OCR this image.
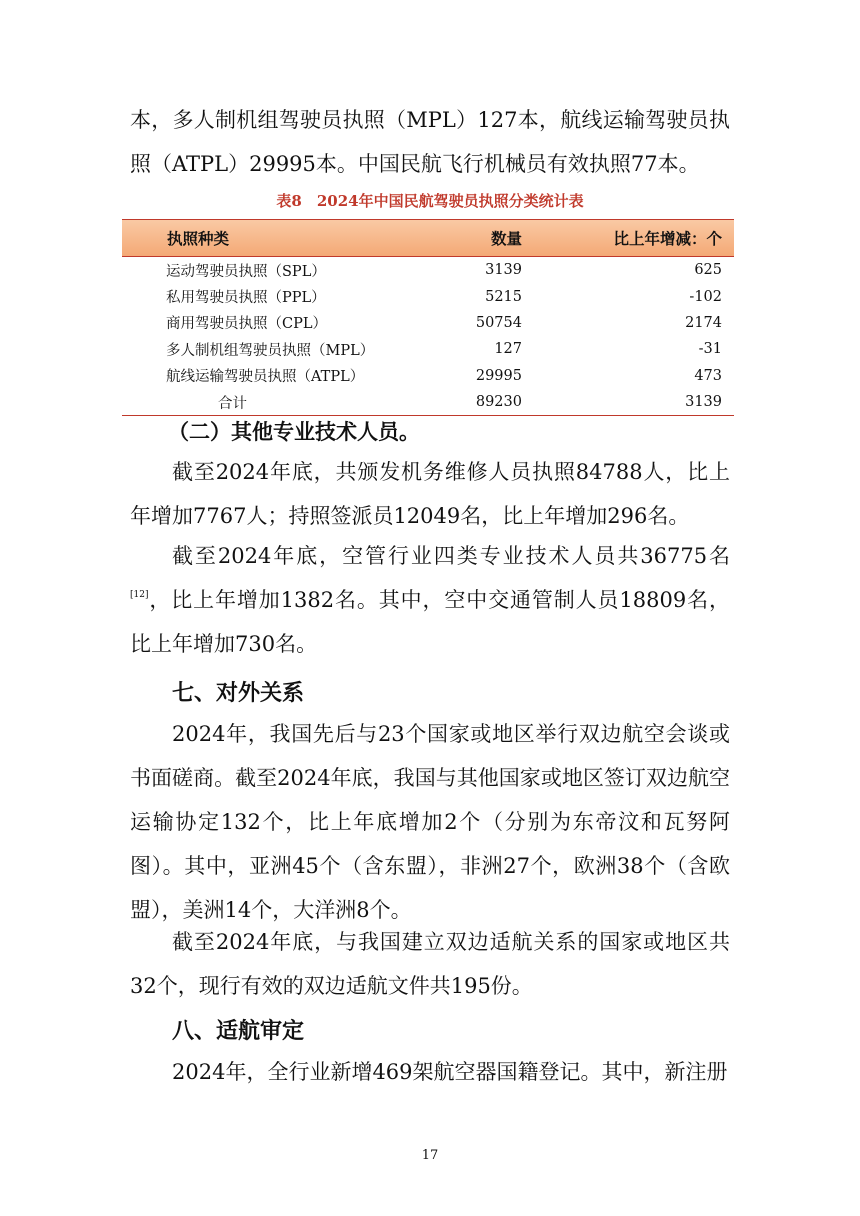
本，多人制机组驾驶员执照（MPL）127本，航线运输驾驶员执照（ATPL）29995本。中国民航飞行机械员有效执照77本。

表8　2024年中国民航驾驶员执照分类统计表
执照种类	数量	比上年增减：个
运动驾驶员执照（SPL）	3139	625
私用驾驶员执照（PPL）	5215	-102
商用驾驶员执照（CPL）	50754	2174
多人制机组驾驶员执照（MPL）	127	-31
航线运输驾驶员执照（ATPL）	29995	473
合计	89230	3139
（二）其他专业技术人员。

截至2024年底，共颁发机务维修人员执照84788人，比上年增加7767人；持照签派员12049名，比上年增加296名。

截至2024年底，空管行业四类专业技术人员共36775名[12]，比上年增加1382名。其中，空中交通管制人员18809名，比上年增加730名。

七、对外关系

2024年，我国先后与23个国家或地区举行双边航空会谈或书面磋商。截至2024年底，我国与其他国家或地区签订双边航空运输协定132个，比上年底增加2个（分别为东帝汶和瓦努阿图）。其中，亚洲45个（含东盟），非洲27个，欧洲38个（含欧盟），美洲14个，大洋洲8个。

截至2024年底，与我国建立双边适航关系的国家或地区共32个，现行有效的双边适航文件共195份。

八、适航审定

2024年，全行业新增469架航空器国籍登记。其中，新注册

17
